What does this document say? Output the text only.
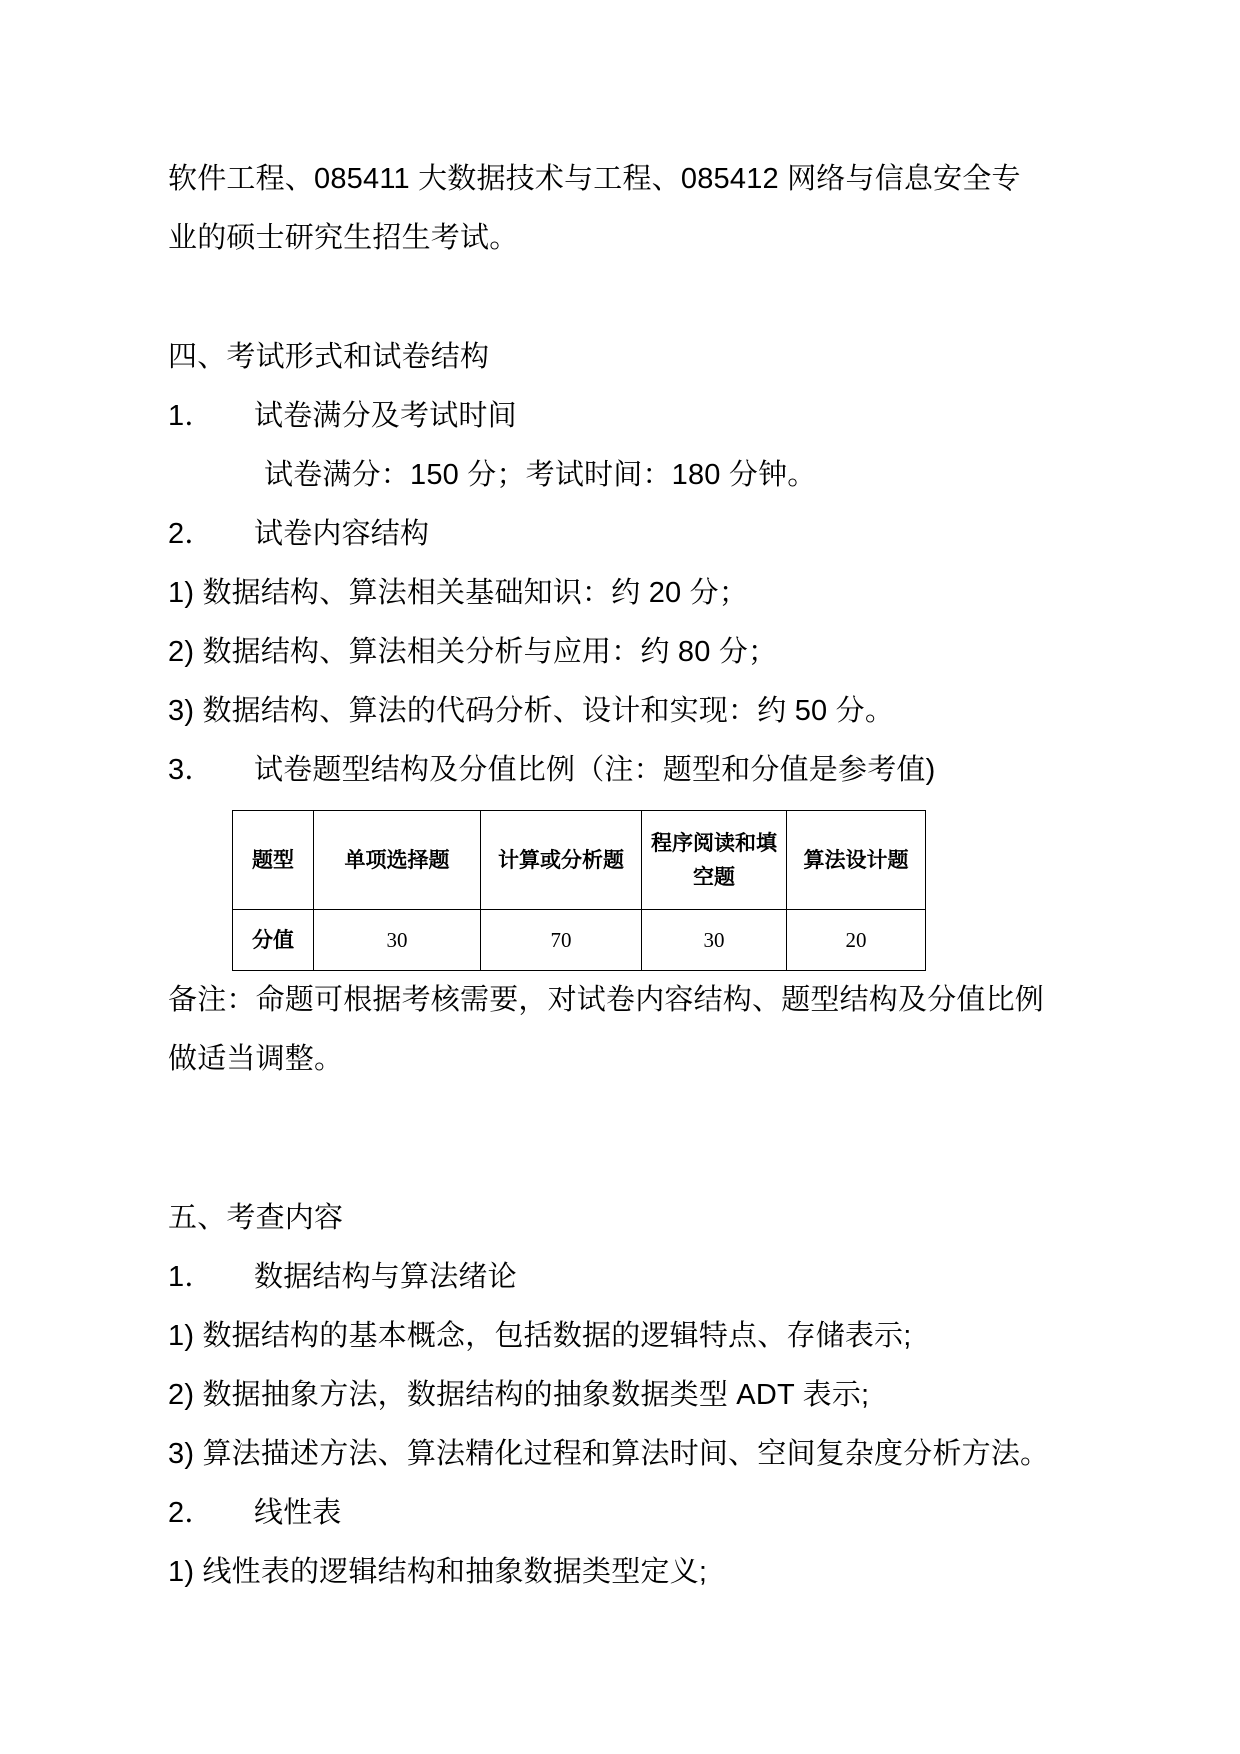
软件工程、085411 大数据技术与工程、085412 网络与信息安全专

业的硕士研究生招生考试。

四、考试形式和试卷结构

1． 试卷满分及考试时间

试卷满分：150 分；考试时间：180 分钟。

2． 试卷内容结构

1) 数据结构、算法相关基础知识：约 20 分；

2) 数据结构、算法相关分析与应用：约 80 分；

3) 数据结构、算法的代码分析、设计和实现：约 50 分。

3． 试卷题型结构及分值比例（注：题型和分值是参考值)

题型	单项选择题	计算或分析题	程序阅读和填空题	算法设计题
分值	30	70	30	20

备注：命题可根据考核需要，对试卷内容结构、题型结构及分值比例

做适当调整。

五、考查内容

1． 数据结构与算法绪论

1) 数据结构的基本概念，包括数据的逻辑特点、存储表示;

2) 数据抽象方法，数据结构的抽象数据类型 ADT 表示;

3) 算法描述方法、算法精化过程和算法时间、空间复杂度分析方法。

2． 线性表

1) 线性表的逻辑结构和抽象数据类型定义;
